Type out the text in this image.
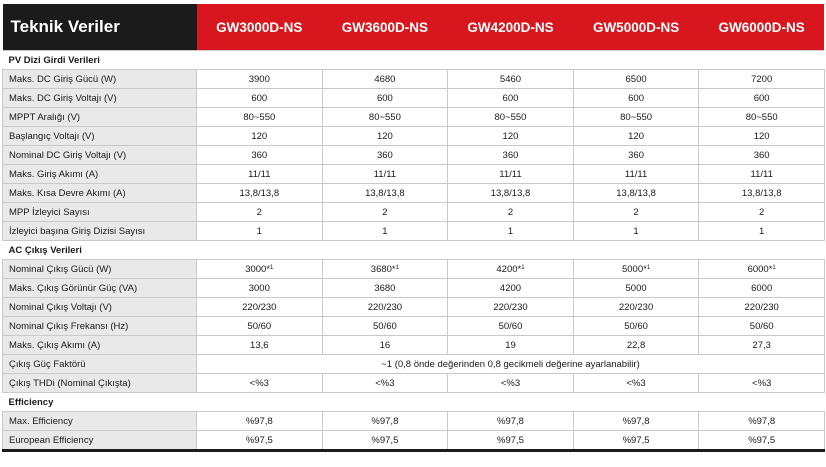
Teknik Veriler	GW3000D-NS	GW3600D-NS	GW4200D-NS	GW5000D-NS	GW6000D-NS
PV Dizi Girdi Verileri					
Maks. DC Giriş Gücü (W)	3900	4680	5460	6500	7200
Maks. DC Giriş Voltajı (V)	600	600	600	600	600
MPPT Aralığı (V)	80~550	80~550	80~550	80~550	80~550
Başlangıç Voltajı (V)	120	120	120	120	120
Nominal DC Giriş Voltajı (V)	360	360	360	360	360
Maks. Giriş Akımı (A)	11/11	11/11	11/11	11/11	11/11
Maks. Kısa Devre Akımı (A)	13,8/13,8	13,8/13,8	13,8/13,8	13,8/13,8	13,8/13,8
MPP İzleyici Sayısı	2	2	2	2	2
İzleyici başına Giriş Dizisi Sayısı	1	1	1	1	1
AC Çıkış Verileri					
Nominal Çıkış Gücü (W)	3000*$^1$	3680*$^1$	4200*$^1$	5000*$^1$	6000*$^1$
Maks. Çıkış Görünür Güç (VA)	3000	3680	4200	5000	6000
Nominal Çıkış Voltajı (V)	220/230	220/230	220/230	220/230	220/230
Nominal Çıkış Frekansı (Hz)	50/60	50/60	50/60	50/60	50/60
Maks. Çıkış Akımı (A)	13,6	16	19	22,8	27,3
Çıkış Güç Faktörü	~1 (0,8 önde değerinden 0,8 gecikmeli değerine ayarlanabilir)				
Çıkış THDi (Nominal Çıkışta)	<%3	<%3	<%3	<%3	<%3
Efficiency					
Max. Efficiency	%97,8	%97,8	%97,8	%97,8	%97,8
European Efficiency	%97,5	%97,5	%97,5	%97,5	%97,5
